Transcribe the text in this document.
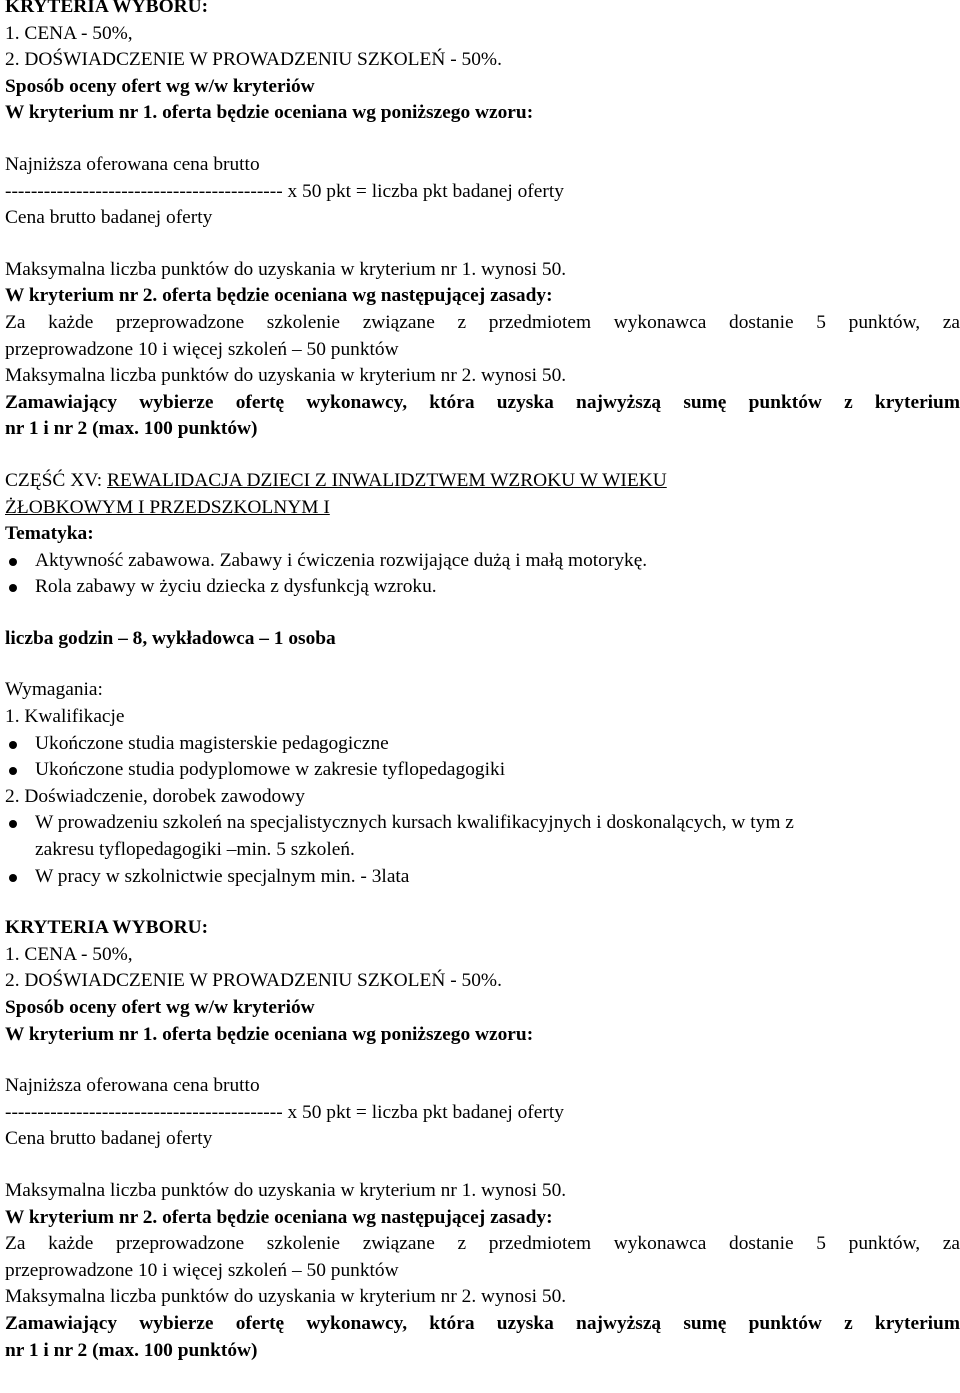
KRYTERIA WYBORU:
1. CENA - 50%,
2. DOŚWIADCZENIE W PROWADZENIU SZKOLEŃ - 50%.
Sposób oceny ofert wg w/w kryteriów
W kryterium nr 1. oferta będzie oceniana wg poniższego wzoru:
Najniższa oferowana cena brutto
------------------------------------------- x 50 pkt = liczba pkt badanej oferty
Cena brutto badanej oferty
Maksymalna liczba punktów do uzyskania w kryterium nr 1. wynosi 50.
W kryterium nr 2. oferta będzie oceniana wg następującej zasady:
Za każde przeprowadzone szkolenie związane z przedmiotem wykonawca dostanie 5 punktów, za
przeprowadzone 10 i więcej szkoleń – 50 punktów
Maksymalna liczba punktów do uzyskania w kryterium nr 2. wynosi 50.
Zamawiający wybierze ofertę wykonawcy, która uzyska najwyższą sumę punktów z kryterium
nr 1 i nr 2 (max. 100 punktów)
CZĘŚĆ XV: REWALIDACJA DZIECI Z INWALIDZTWEM WZROKU W WIEKU
ŻŁOBKOWYM I PRZEDSZKOLNYM I
Tematyka:
Aktywność zabawowa. Zabawy i ćwiczenia rozwijające dużą i małą motorykę.
Rola zabawy w życiu dziecka z dysfunkcją wzroku.
liczba godzin – 8, wykładowca – 1 osoba
Wymagania:
1. Kwalifikacje
Ukończone studia magisterskie pedagogiczne
Ukończone studia podyplomowe w zakresie tyflopedagogiki
2. Doświadczenie, dorobek zawodowy
W prowadzeniu szkoleń na specjalistycznych kursach kwalifikacyjnych i doskonalących, w tym z
zakresu tyflopedagogiki –min. 5 szkoleń.
W pracy w szkolnictwie specjalnym min. - 3lata
KRYTERIA WYBORU:
1. CENA - 50%,
2. DOŚWIADCZENIE W PROWADZENIU SZKOLEŃ - 50%.
Sposób oceny ofert wg w/w kryteriów
W kryterium nr 1. oferta będzie oceniana wg poniższego wzoru:
Najniższa oferowana cena brutto
------------------------------------------- x 50 pkt = liczba pkt badanej oferty
Cena brutto badanej oferty
Maksymalna liczba punktów do uzyskania w kryterium nr 1. wynosi 50.
W kryterium nr 2. oferta będzie oceniana wg następującej zasady:
Za każde przeprowadzone szkolenie związane z przedmiotem wykonawca dostanie 5 punktów, za
przeprowadzone 10 i więcej szkoleń – 50 punktów
Maksymalna liczba punktów do uzyskania w kryterium nr 2. wynosi 50.
Zamawiający wybierze ofertę wykonawcy, która uzyska najwyższą sumę punktów z kryterium
nr 1 i nr 2 (max. 100 punktów)
